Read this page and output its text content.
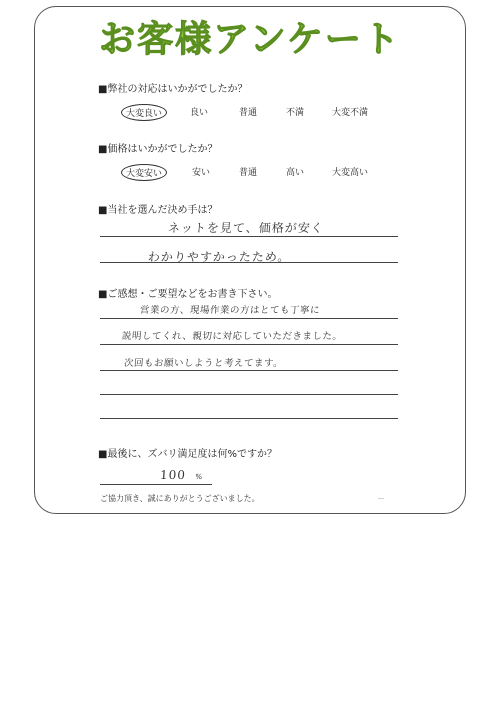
お客様アンケート
■弊社の対応はいかがでしたか？
大変良い	良い	普通	不満	大変不満
■価格はいかがでしたか？
大変安い	安い	普通	高い	大変高い
■当社を選んだ決め手は？
ネットを見て、価格が安く
わかりやすかったため。
■ご感想・ご要望などをお書き下さい。
営業の方、現場作業の方はとても丁寧に
説明してくれ、親切に対応していただきました。
次回もお願いしようと考えてます。
■最後に、ズバリ満足度は何%ですか？
100 %
ご協力頂き、誠にありがとうございました。	－
